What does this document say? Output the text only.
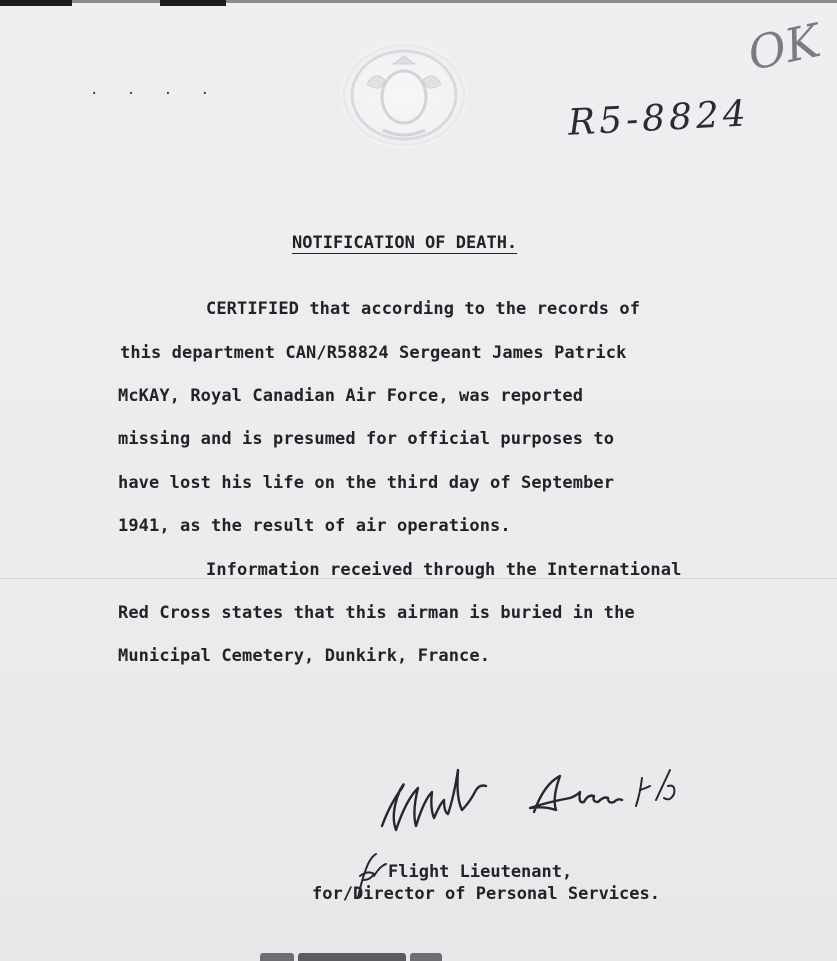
. . . .
OK
R5-8824
NOTIFICATION OF DEATH.
CERTIFIED that according to the records of
this department CAN/R58824 Sergeant James Patrick
McKAY, Royal Canadian Air Force, was reported
missing and is presumed for official purposes to
have lost his life on the third day of September
1941, as the result of air operations.
Information received through the International
Red Cross states that this airman is buried in the
Municipal Cemetery, Dunkirk, France.
Flight Lieutenant,
for/Director of Personal Services.
